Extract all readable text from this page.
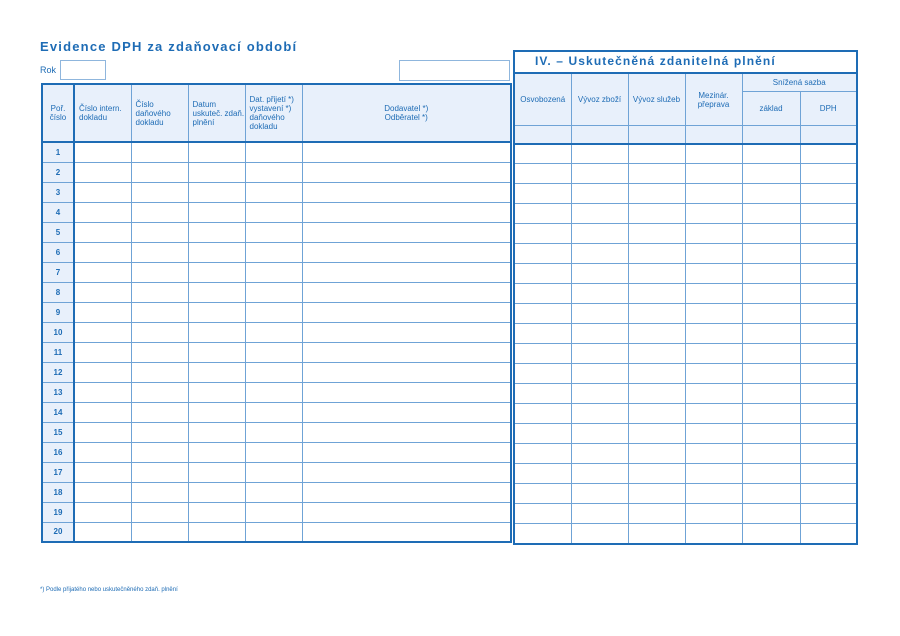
Evidence DPH za zdaňovací období
Rok
IV. – Uskutečněná zdanitelná plnění
Poř. číslo	Číslo intern. dokladu	Číslo daňového dokladu	Datum uskuteč. zdaň. plnění	Dat. přijetí *) vystavení *) daňového dokladu	Dodavatel *)
Odběratel *)

1					
2					
3					
4					
5					
6					
7					
8					
9					
10					
11					
12					
13					
14					
15					
16					
17					
18					
19					
20					
Osvobozená	Vývoz zboží	Vývoz služeb	Mezinár. přeprava	Snížená sazba	
				základ	DPH

*) Podle přijatého nebo uskutečněného zdaň. plnění
